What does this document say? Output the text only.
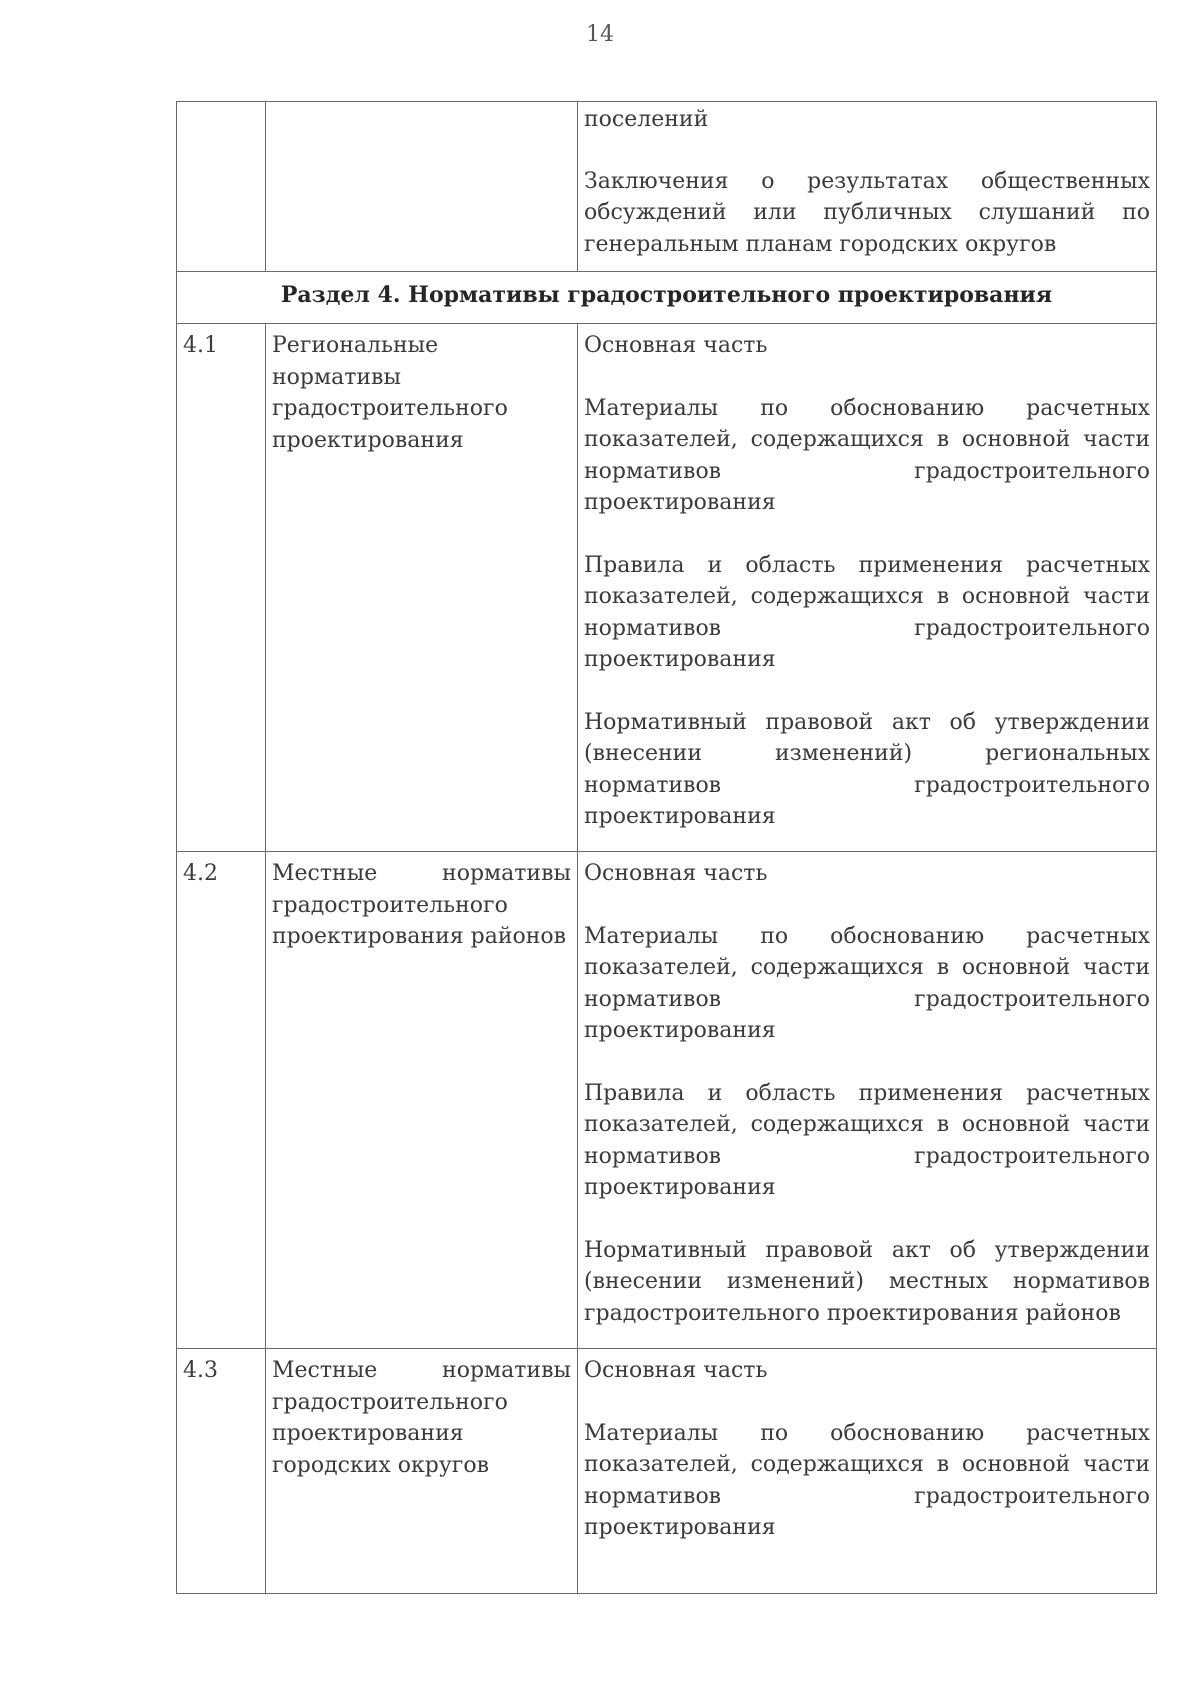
14

		поселений
Заключения о результатах общественных обсуждений или публичных слушаний по генеральным планам городских округов

Раздел 4. Нормативы градостроительного проектирования		
4.1	Региональные нормативы градостроительного проектирования	Основная часть
Материалы по обоснованию расчетных показателей, содержащихся в основной части нормативов градостроительного проектирования
Правила и область применения расчетных показателей, содержащихся в основной части нормативов градостроительного проектирования
Нормативный правовой акт об утверждении (внесении изменений) региональных нормативов градостроительного проектирования

4.2	Местные нормативы градостроительного проектирования районов	Основная часть
Материалы по обоснованию расчетных показателей, содержащихся в основной части нормативов градостроительного проектирования
Правила и область применения расчетных показателей, содержащихся в основной части нормативов градостроительного проектирования
Нормативный правовой акт об утверждении (внесении изменений) местных нормативов градостроительного проектирования районов

4.3	Местные нормативы градостроительного проектирования городских округов	Основная часть
Материалы по обоснованию расчетных показателей, содержащихся в основной части нормативов градостроительного проектирования
